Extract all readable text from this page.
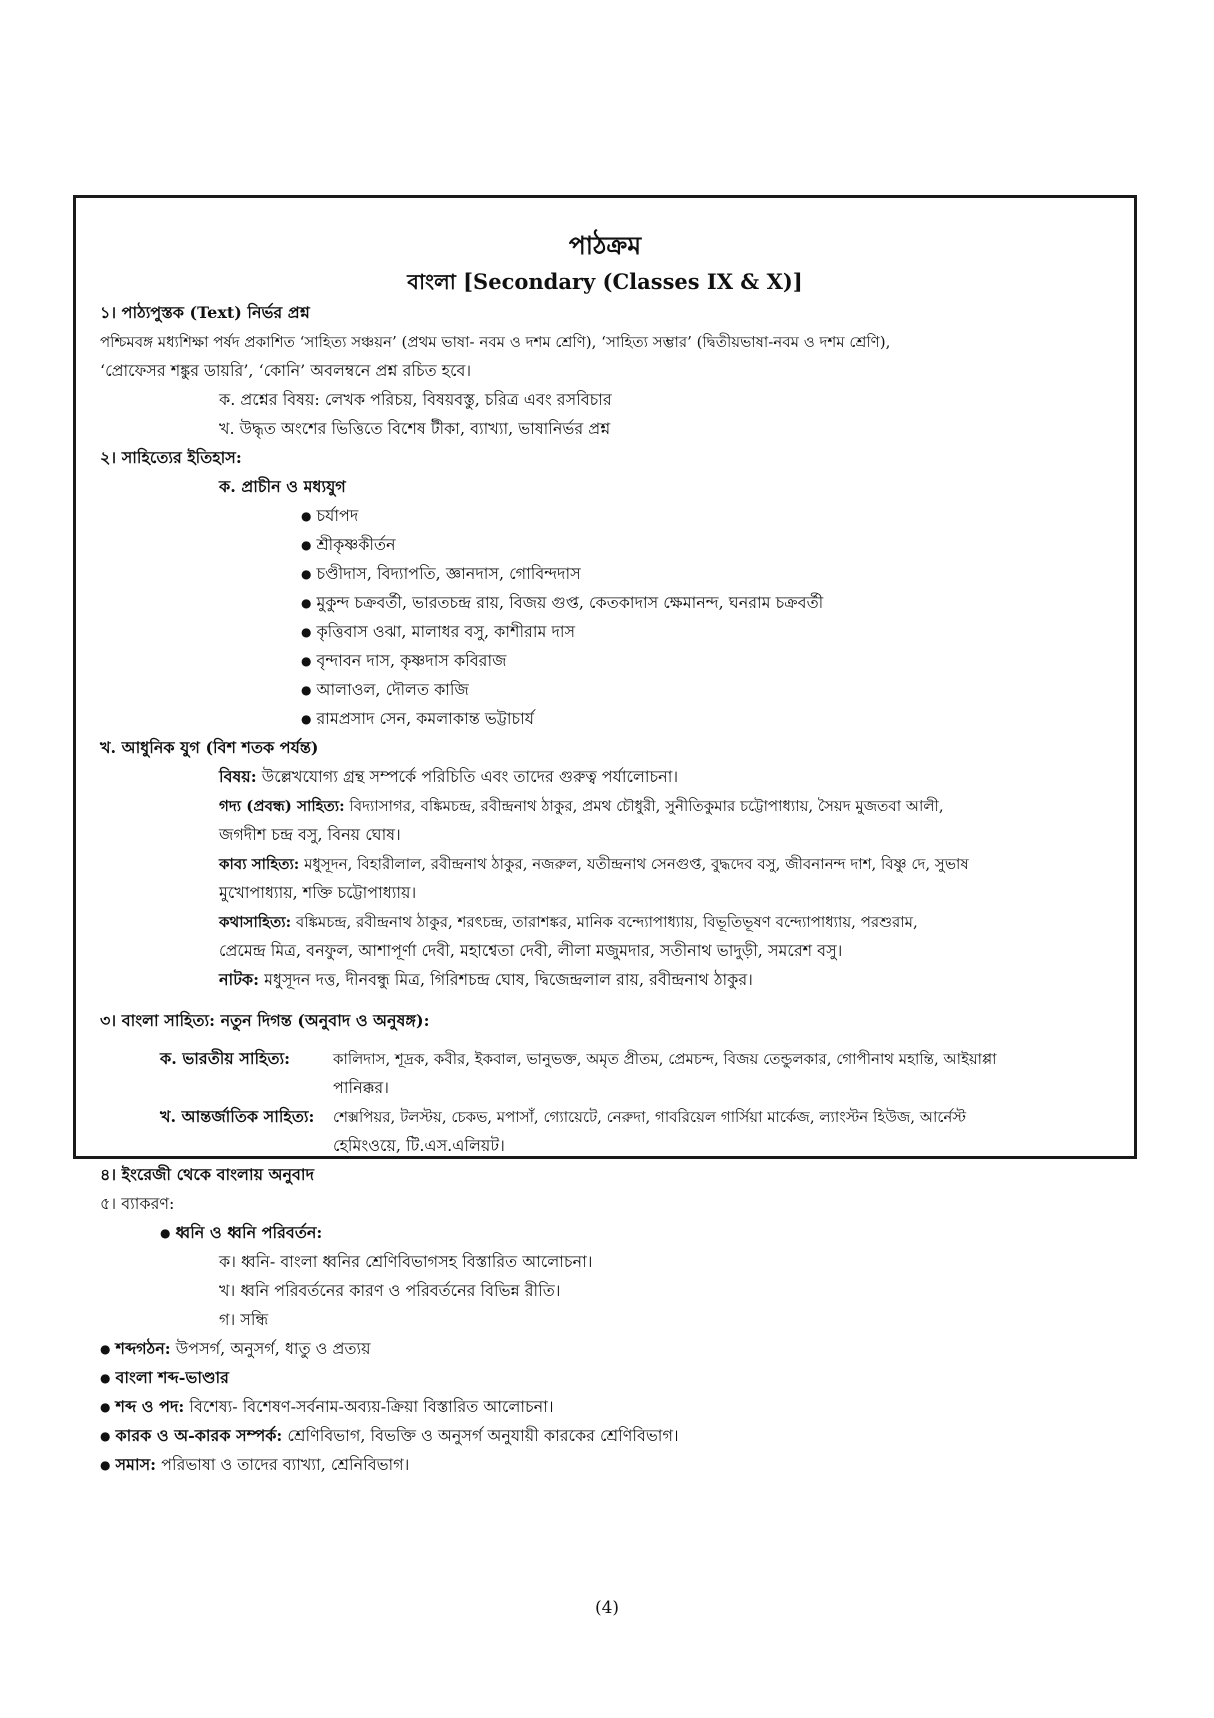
পাঠক্রম
বাংলা [Secondary (Classes IX & X)]
১। পাঠ্যপুস্তক (Text) নির্ভর প্রশ্ন
পশ্চিমবঙ্গ মধ্যশিক্ষা পর্ষদ প্রকাশিত ‘সাহিত্য সঞ্চয়ন’ (প্রথম ভাষা- নবম ও দশম শ্রেণি), ‘সাহিত্য সম্ভার’ (দ্বিতীয়ভাষা-নবম ও দশম শ্রেণি),
‘প্রোফেসর শঙ্কুর ডায়রি’, ‘কোনি’ অবলম্বনে প্রশ্ন রচিত হবে।
ক. প্রশ্নের বিষয়: লেখক পরিচয়, বিষয়বস্তু, চরিত্র এবং রসবিচার
খ. উদ্ধৃত অংশের ভিত্তিতে বিশেষ টীকা, ব্যাখ্যা, ভাষানির্ভর প্রশ্ন
২। সাহিত্যের ইতিহাস:
ক. প্রাচীন ও মধ্যযুগ
● চর্যাপদ
● শ্রীকৃষ্ণকীর্তন
● চণ্ডীদাস, বিদ্যাপতি, জ্ঞানদাস, গোবিন্দদাস
● মুকুন্দ চক্রবর্তী, ভারতচন্দ্র রায়, বিজয় গুপ্ত, কেতকাদাস ক্ষেমানন্দ, ঘনরাম চক্রবর্তী
● কৃত্তিবাস ওঝা, মালাধর বসু, কাশীরাম দাস
● বৃন্দাবন দাস, কৃষ্ণদাস কবিরাজ
● আলাওল, দৌলত কাজি
● রামপ্রসাদ সেন, কমলাকান্ত ভট্টাচার্য
খ. আধুনিক যুগ (বিশ শতক পর্যন্ত)
বিষয়: উল্লেখযোগ্য গ্রন্থ সম্পর্কে পরিচিতি এবং তাদের গুরুত্ব পর্যালোচনা।
গদ্য (প্রবন্ধ) সাহিত্য: বিদ্যাসাগর, বঙ্কিমচন্দ্র, রবীন্দ্রনাথ ঠাকুর, প্রমথ চৌধুরী, সুনীতিকুমার চট্টোপাধ্যায়, সৈয়দ মুজতবা আলী,
জগদীশ চন্দ্র বসু, বিনয় ঘোষ।
কাব্য সাহিত্য: মধুসূদন, বিহারীলাল, রবীন্দ্রনাথ ঠাকুর, নজরুল, যতীন্দ্রনাথ সেনগুপ্ত, বুদ্ধদেব বসু, জীবনানন্দ দাশ, বিষ্ণু দে, সুভাষ
মুখোপাধ্যায়, শক্তি চট্টোপাধ্যায়।
কথাসাহিত্য: বঙ্কিমচন্দ্র, রবীন্দ্রনাথ ঠাকুর, শরৎচন্দ্র, তারাশঙ্কর, মানিক বন্দ্যোপাধ্যায়, বিভূতিভূষণ বন্দ্যোপাধ্যায়, পরশুরাম,
প্রেমেন্দ্র মিত্র, বনফুল, আশাপূর্ণা দেবী, মহাশ্বেতা দেবী, লীলা মজুমদার, সতীনাথ ভাদুড়ী, সমরেশ বসু।
নাটক: মধুসূদন দত্ত, দীনবন্ধু মিত্র, গিরিশচন্দ্র ঘোষ, দ্বিজেন্দ্রলাল রায়, রবীন্দ্রনাথ ঠাকুর।
৩। বাংলা সাহিত্য: নতুন দিগন্ত (অনুবাদ ও অনুষঙ্গ):
ক. ভারতীয় সাহিত্য:	কালিদাস, শূদ্রক, কবীর, ইকবাল, ভানুভক্ত, অমৃত প্রীতম, প্রেমচন্দ, বিজয় তেন্ডুলকার, গোপীনাথ মহান্তি, আইয়াপ্পা
পানিক্কর।
খ. আন্তর্জাতিক সাহিত্য: শেক্সপিয়র, টলস্টয়, চেকভ, মপাসাঁ, গ্যোয়েটে, নেরুদা, গাবরিয়েল গার্সিয়া মার্কেজ, ল্যাংস্টন হিউজ, আর্নেস্ট
হেমিংওয়ে, টি.এস.এলিয়ট।
৪। ইংরেজী থেকে বাংলায় অনুবাদ
৫। ব্যাকরণ:
● ধ্বনি ও ধ্বনি পরিবর্তন:
ক। ধ্বনি- বাংলা ধ্বনির শ্রেণিবিভাগসহ বিস্তারিত আলোচনা।
খ। ধ্বনি পরিবর্তনের কারণ ও পরিবর্তনের বিভিন্ন রীতি।
গ। সন্ধি
● শব্দগঠন: উপসর্গ, অনুসর্গ, ধাতু ও প্রত্যয়
● বাংলা শব্দ-ভাণ্ডার
● শব্দ ও পদ: বিশেষ্য- বিশেষণ-সর্বনাম-অব্যয়-ক্রিয়া বিস্তারিত আলোচনা।
● কারক ও অ-কারক সম্পর্ক: শ্রেণিবিভাগ, বিভক্তি ও অনুসর্গ অনুযায়ী কারকের শ্রেণিবিভাগ।
● সমাস: পরিভাষা ও তাদের ব্যাখ্যা, শ্রেনিবিভাগ।
(4)
